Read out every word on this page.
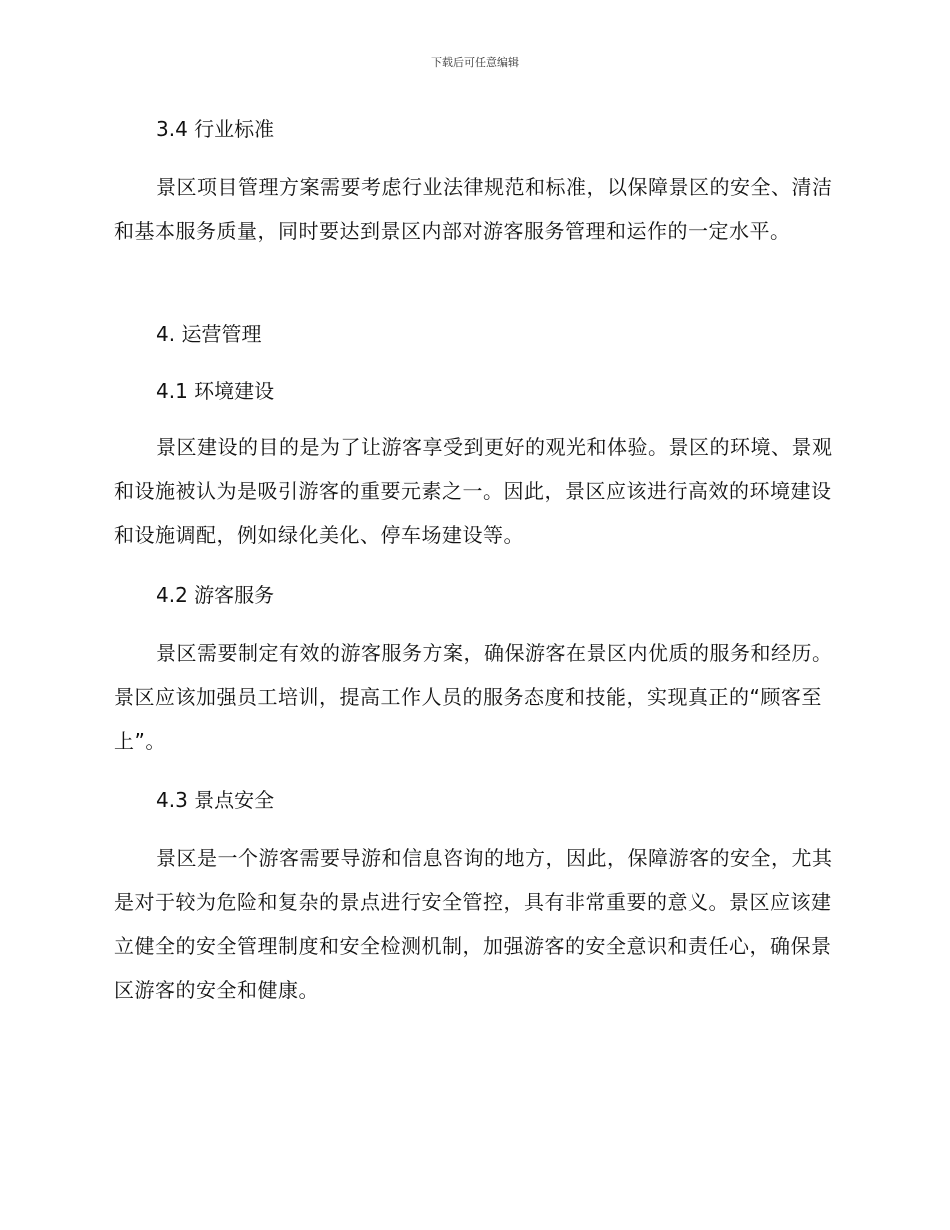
下载后可任意编辑
3.4 行业标准

景区项目管理方案需要考虑行业法律规范和标准，以保障景区的安全、清洁和基本服务质量，同时要达到景区内部对游客服务管理和运作的一定水平。

4. 运营管理
4.1 环境建设

景区建设的目的是为了让游客享受到更好的观光和体验。景区的环境、景观和设施被认为是吸引游客的重要元素之一。因此，景区应该进行高效的环境建设和设施调配，例如绿化美化、停车场建设等。

4.2 游客服务

景区需要制定有效的游客服务方案，确保游客在景区内优质的服务和经历。景区应该加强员工培训，提高工作人员的服务态度和技能，实现真正的“顾客至上”。

4.3 景点安全

景区是一个游客需要导游和信息咨询的地方，因此，保障游客的安全，尤其是对于较为危险和复杂的景点进行安全管控，具有非常重要的意义。景区应该建立健全的安全管理制度和安全检测机制，加强游客的安全意识和责任心，确保景区游客的安全和健康。
